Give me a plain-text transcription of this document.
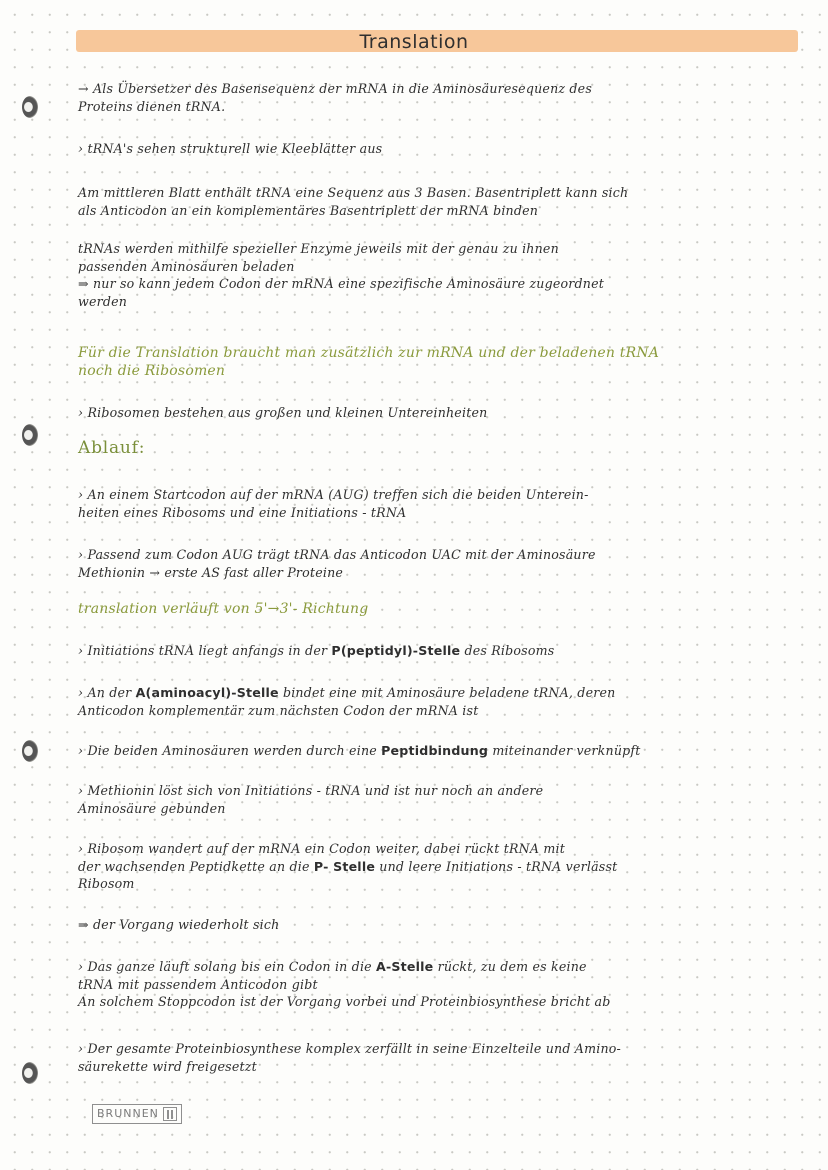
Translation

→ Als Übersetzer des Basensequenz der mRNA in die Aminosäuresequenz des
Proteins dienen tRNA.

› tRNA's sehen strukturell wie Kleeblätter aus

Am mittleren Blatt enthält tRNA eine Sequenz aus 3 Basen. Basentriplett kann sich
als Anticodon an ein komplementäres Basentriplett der mRNA binden

tRNAs werden mithilfe spezieller Enzyme jeweils mit der genau zu ihnen
passenden Aminosäuren beladen
⇒ nur so kann jedem Codon der mRNA eine spezifische Aminosäure zugeordnet
werden

Für die Translation braucht man zusätzlich zur mRNA und der beladenen tRNA
noch die Ribosomen

› Ribosomen bestehen aus großen und kleinen Untereinheiten

Ablauf:

› An einem Startcodon auf der mRNA (AUG) treffen sich die beiden Unterein-
heiten eines Ribosoms und eine Initiations - tRNA

› Passend zum Codon AUG trägt tRNA das Anticodon UAC mit der Aminosäure
Methionin → erste AS fast aller Proteine

translation verläuft von 5'→3'- Richtung

› Initiations tRNA liegt anfangs in der P(peptidyl)-Stelle des Ribosoms

› An der A(aminoacyl)-Stelle bindet eine mit Aminosäure beladene tRNA, deren
Anticodon komplementär zum nächsten Codon der mRNA ist

› Die beiden Aminosäuren werden durch eine Peptidbindung miteinander verknüpft

› Methionin löst sich von Initiations - tRNA und ist nur noch an andere
Aminosäure gebunden

› Ribosom wandert auf der mRNA ein Codon weiter, dabei rückt tRNA mit
der wachsenden Peptidkette an die P- Stelle und leere Initiations - tRNA verlässt
Ribosom

⇒ der Vorgang wiederholt sich

› Das ganze läuft solang bis ein Codon in die A-Stelle rückt, zu dem es keine
tRNA mit passendem Anticodon gibt
An solchem Stoppcodon ist der Vorgang vorbei und Proteinbiosynthese bricht ab

› Der gesamte Proteinbiosynthese komplex zerfällt in seine Einzelteile und Amino-
säurekette wird freigesetzt

BRUNNEN
